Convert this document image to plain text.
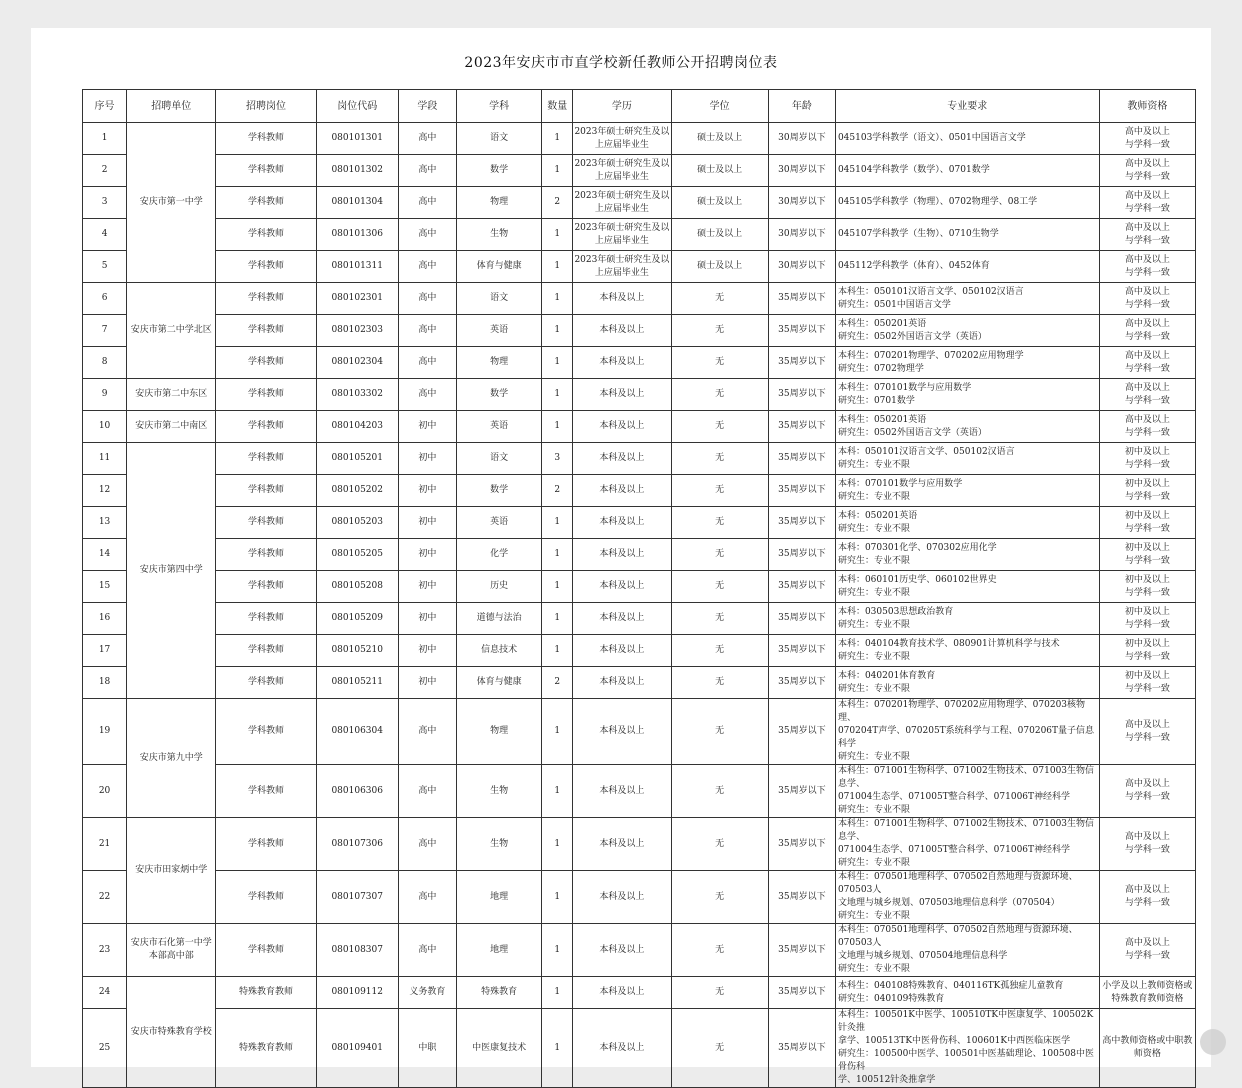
2023年安庆市市直学校新任教师公开招聘岗位表
序号	招聘单位	招聘岗位	岗位代码	学段	学科	数量	学历	学位	年龄	专业要求	教师资格
1	安庆市第一中学	学科教师	080101301	高中	语文	1	2023年硕士研究生及以
上应届毕业生	硕士及以上	30周岁以下	045103学科教学（语文）、0501中国语言文学	高中及以上
与学科一致
2		学科教师	080101302	高中	数学	1	2023年硕士研究生及以
上应届毕业生	硕士及以上	30周岁以下	045104学科教学（数学）、0701数学	高中及以上
与学科一致
3		学科教师	080101304	高中	物理	2	2023年硕士研究生及以
上应届毕业生	硕士及以上	30周岁以下	045105学科教学（物理）、0702物理学、08工学	高中及以上
与学科一致
4		学科教师	080101306	高中	生物	1	2023年硕士研究生及以
上应届毕业生	硕士及以上	30周岁以下	045107学科教学（生物）、0710生物学	高中及以上
与学科一致
5		学科教师	080101311	高中	体育与健康	1	2023年硕士研究生及以
上应届毕业生	硕士及以上	30周岁以下	045112学科教学（体育）、0452体育	高中及以上
与学科一致
6	安庆市第二中学北区	学科教师	080102301	高中	语文	1	本科及以上	无	35周岁以下	本科生：050101汉语言文学、050102汉语言
研究生：0501中国语言文学	高中及以上
与学科一致
7		学科教师	080102303	高中	英语	1	本科及以上	无	35周岁以下	本科生：050201英语
研究生：0502外国语言文学（英语）	高中及以上
与学科一致
8		学科教师	080102304	高中	物理	1	本科及以上	无	35周岁以下	本科生：070201物理学、070202应用物理学
研究生：0702物理学	高中及以上
与学科一致
9	安庆市第二中东区	学科教师	080103302	高中	数学	1	本科及以上	无	35周岁以下	本科生：070101数学与应用数学
研究生：0701数学	高中及以上
与学科一致
10	安庆市第二中南区	学科教师	080104203	初中	英语	1	本科及以上	无	35周岁以下	本科生：050201英语
研究生：0502外国语言文学（英语）	高中及以上
与学科一致
11	安庆市第四中学	学科教师	080105201	初中	语文	3	本科及以上	无	35周岁以下	本科：050101汉语言文学、050102汉语言
研究生：专业不限	初中及以上
与学科一致
12		学科教师	080105202	初中	数学	2	本科及以上	无	35周岁以下	本科：070101数学与应用数学
研究生：专业不限	初中及以上
与学科一致
13		学科教师	080105203	初中	英语	1	本科及以上	无	35周岁以下	本科：050201英语
研究生：专业不限	初中及以上
与学科一致
14		学科教师	080105205	初中	化学	1	本科及以上	无	35周岁以下	本科：070301化学、070302应用化学
研究生：专业不限	初中及以上
与学科一致
15		学科教师	080105208	初中	历史	1	本科及以上	无	35周岁以下	本科：060101历史学、060102世界史
研究生：专业不限	初中及以上
与学科一致
16		学科教师	080105209	初中	道德与法治	1	本科及以上	无	35周岁以下	本科：030503思想政治教育
研究生：专业不限	初中及以上
与学科一致
17		学科教师	080105210	初中	信息技术	1	本科及以上	无	35周岁以下	本科：040104教育技术学、080901计算机科学与技术
研究生：专业不限	初中及以上
与学科一致
18		学科教师	080105211	初中	体育与健康	2	本科及以上	无	35周岁以下	本科：040201体育教育
研究生：专业不限	初中及以上
与学科一致
19	安庆市第九中学	学科教师	080106304	高中	物理	1	本科及以上	无	35周岁以下	本科生：070201物理学、070202应用物理学、070203核物理、
070204T声学、070205T系统科学与工程、070206T量子信息科学
研究生：专业不限	高中及以上
与学科一致
20		学科教师	080106306	高中	生物	1	本科及以上	无	35周岁以下	本科生：071001生物科学、071002生物技术、071003生物信息学、
071004生态学、071005T整合科学、071006T神经科学
研究生：专业不限	高中及以上
与学科一致
21	安庆市田家炳中学	学科教师	080107306	高中	生物	1	本科及以上	无	35周岁以下	本科生：071001生物科学、071002生物技术、071003生物信息学、
071004生态学、071005T整合科学、071006T神经科学
研究生：专业不限	高中及以上
与学科一致
22		学科教师	080107307	高中	地理	1	本科及以上	无	35周岁以下	本科生：070501地理科学、070502自然地理与资源环境、070503人
文地理与城乡规划、070503地理信息科学（070504）
研究生：专业不限	高中及以上
与学科一致
23	安庆市石化第一中学
本部高中部	学科教师	080108307	高中	地理	1	本科及以上	无	35周岁以下	本科生：070501地理科学、070502自然地理与资源环境、070503人
文地理与城乡规划、070504地理信息科学
研究生：专业不限	高中及以上
与学科一致
24	安庆市特殊教育学校	特殊教育教师	080109112	义务教育	特殊教育	1	本科及以上	无	35周岁以下	本科生：040108特殊教育、040116TK孤独症儿童教育
研究生：040109特殊教育	小学及以上教师资格或
特殊教育教师资格
25		特殊教育教师	080109401	中职	中医康复技术	1	本科及以上	无	35周岁以下	本科生：100501K中医学、100510TK中医康复学、100502K针灸推
拿学、100513TK中医骨伤科、100601K中西医临床医学
研究生：100500中医学、100501中医基础理论、100508中医骨伤科
学、100512针灸推拿学	高中教师资格或中职教
师资格
